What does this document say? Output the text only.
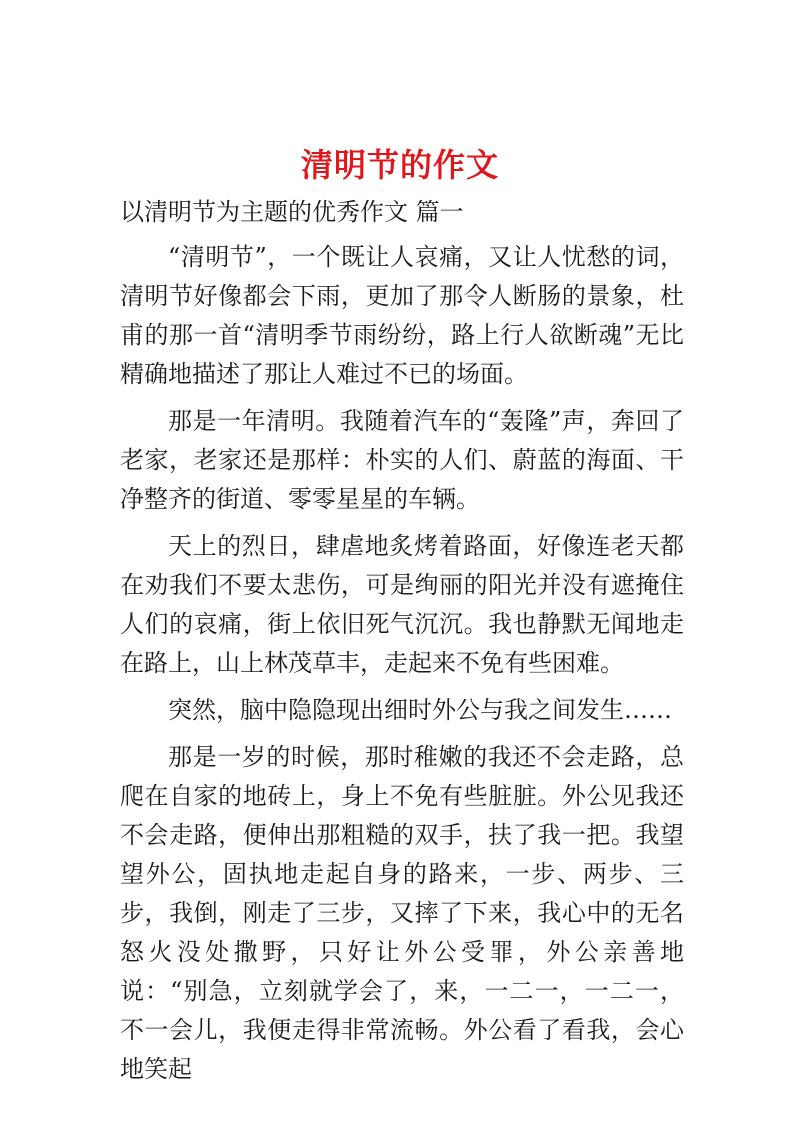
清明节的作文
以清明节为主题的优秀作文 篇一

“清明节”，一个既让人哀痛，又让人忧愁的词，清明节好像都会下雨，更加了那令人断肠的景象，杜甫的那一首“清明季节雨纷纷，路上行人欲断魂”无比精确地描述了那让人难过不已的场面。

那是一年清明。我随着汽车的“轰隆”声，奔回了老家，老家还是那样：朴实的人们、蔚蓝的海面、干净整齐的街道、零零星星的车辆。

天上的烈日，肆虐地炙烤着路面，好像连老天都在劝我们不要太悲伤，可是绚丽的阳光并没有遮掩住人们的哀痛，街上依旧死气沉沉。我也静默无闻地走在路上，山上林茂草丰，走起来不免有些困难。

突然，脑中隐隐现出细时外公与我之间发生……

那是一岁的时候，那时稚嫩的我还不会走路，总爬在自家的地砖上，身上不免有些脏脏。外公见我还不会走路，便伸出那粗糙的双手，扶了我一把。我望望外公，固执地走起自身的路来，一步、两步、三步，我倒，刚走了三步，又摔了下来，我心中的无名怒火没处撒野，只好让外公受罪，外公亲善地说：“别急，立刻就学会了，来，一二一，一二一，不一会儿，我便走得非常流畅。外公看了看我，会心地笑起
